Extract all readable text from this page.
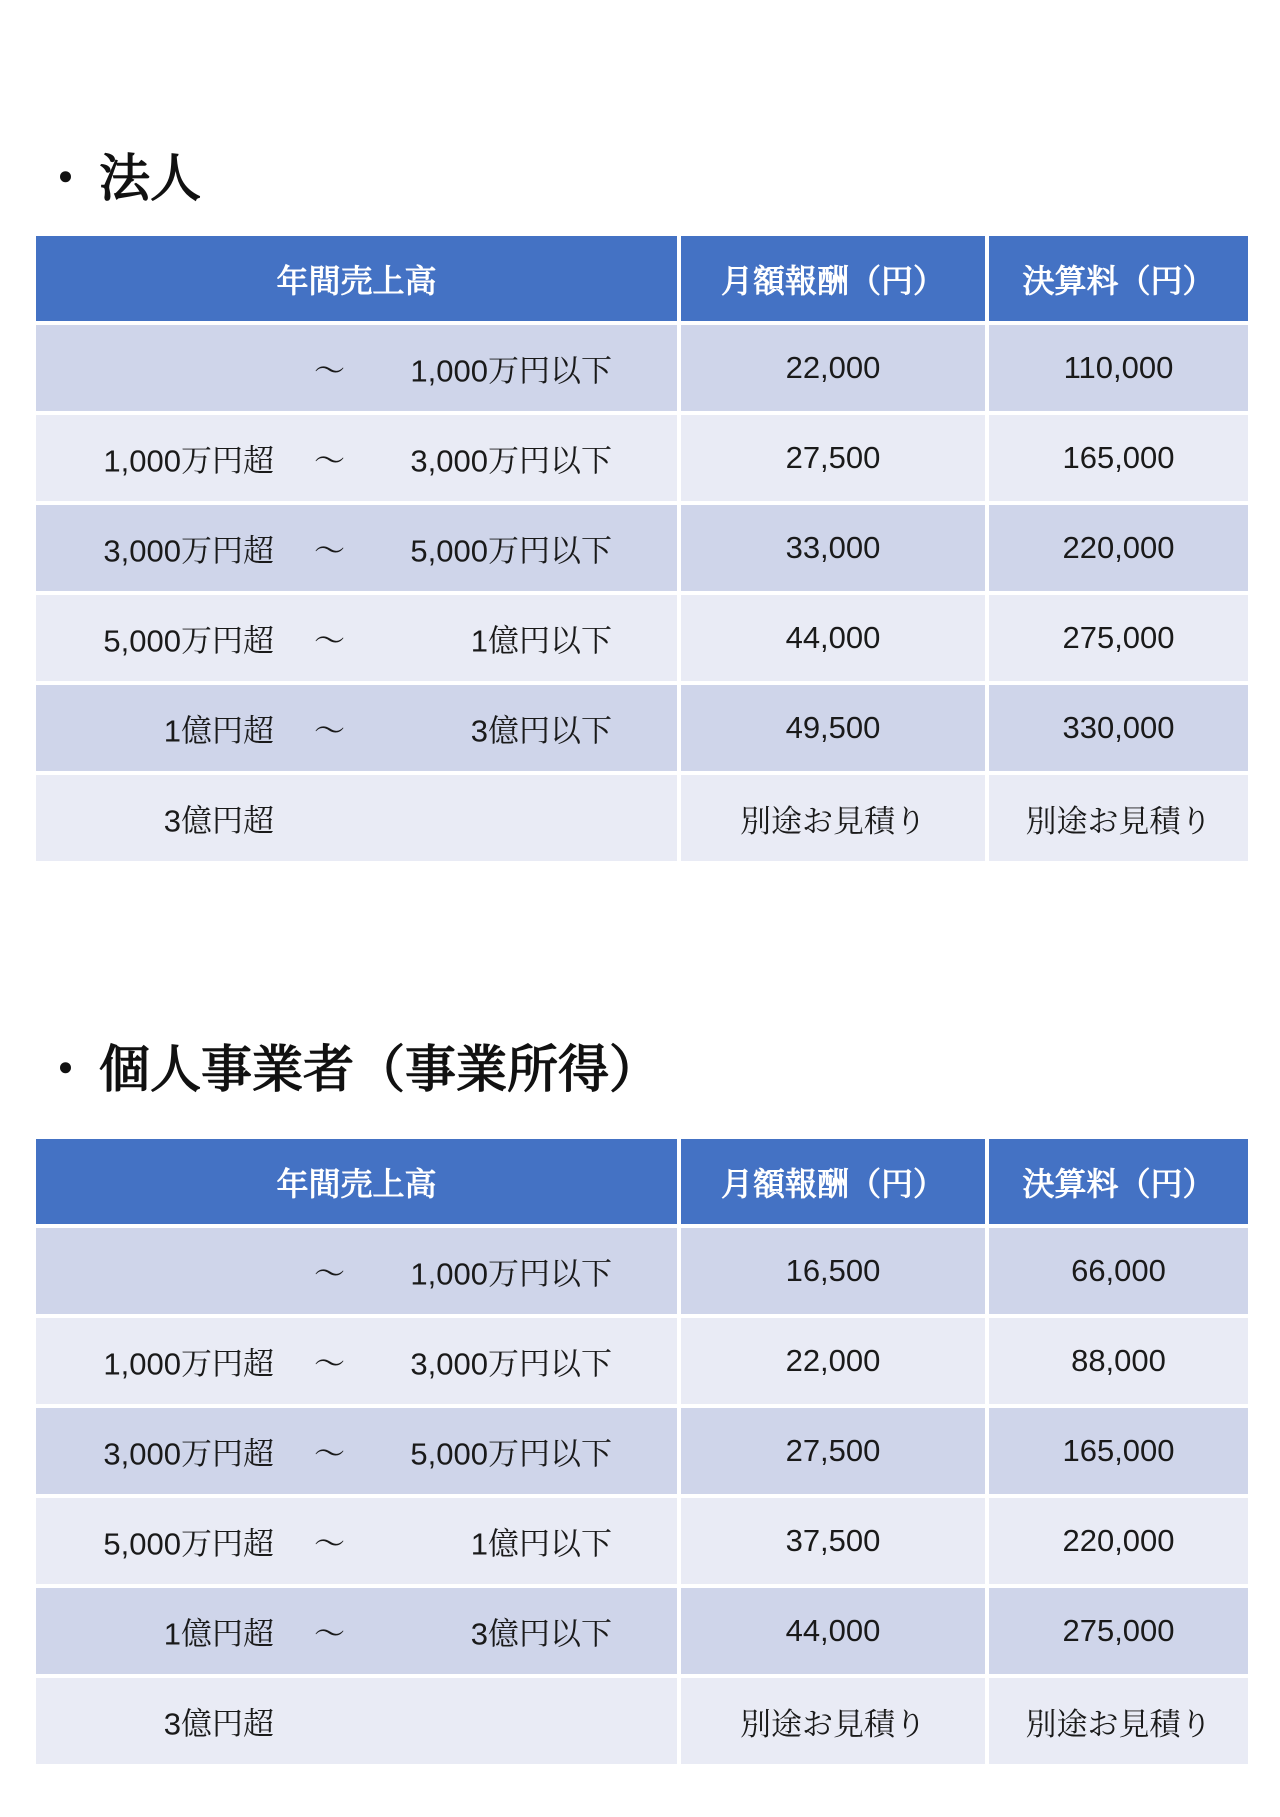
・ 法人
年間売上高	月額報酬（円）	決算料（円）

～ 1,000万円以下	22,000	110,000

1,000万円超 ～ 3,000万円以下	27,500	165,000

3,000万円超 ～ 5,000万円以下	33,000	220,000

5,000万円超 ～ 1億円以下	44,000	275,000

1億円超 ～ 3億円以下	49,500	330,000

3億円超	別途お見積り	別途お見積り
・ 個人事業者（事業所得）
年間売上高	月額報酬（円）	決算料（円）

～ 1,000万円以下	16,500	66,000

1,000万円超 ～ 3,000万円以下	22,000	88,000

3,000万円超 ～ 5,000万円以下	27,500	165,000

5,000万円超 ～ 1億円以下	37,500	220,000

1億円超 ～ 3億円以下	44,000	275,000

3億円超	別途お見積り	別途お見積り
